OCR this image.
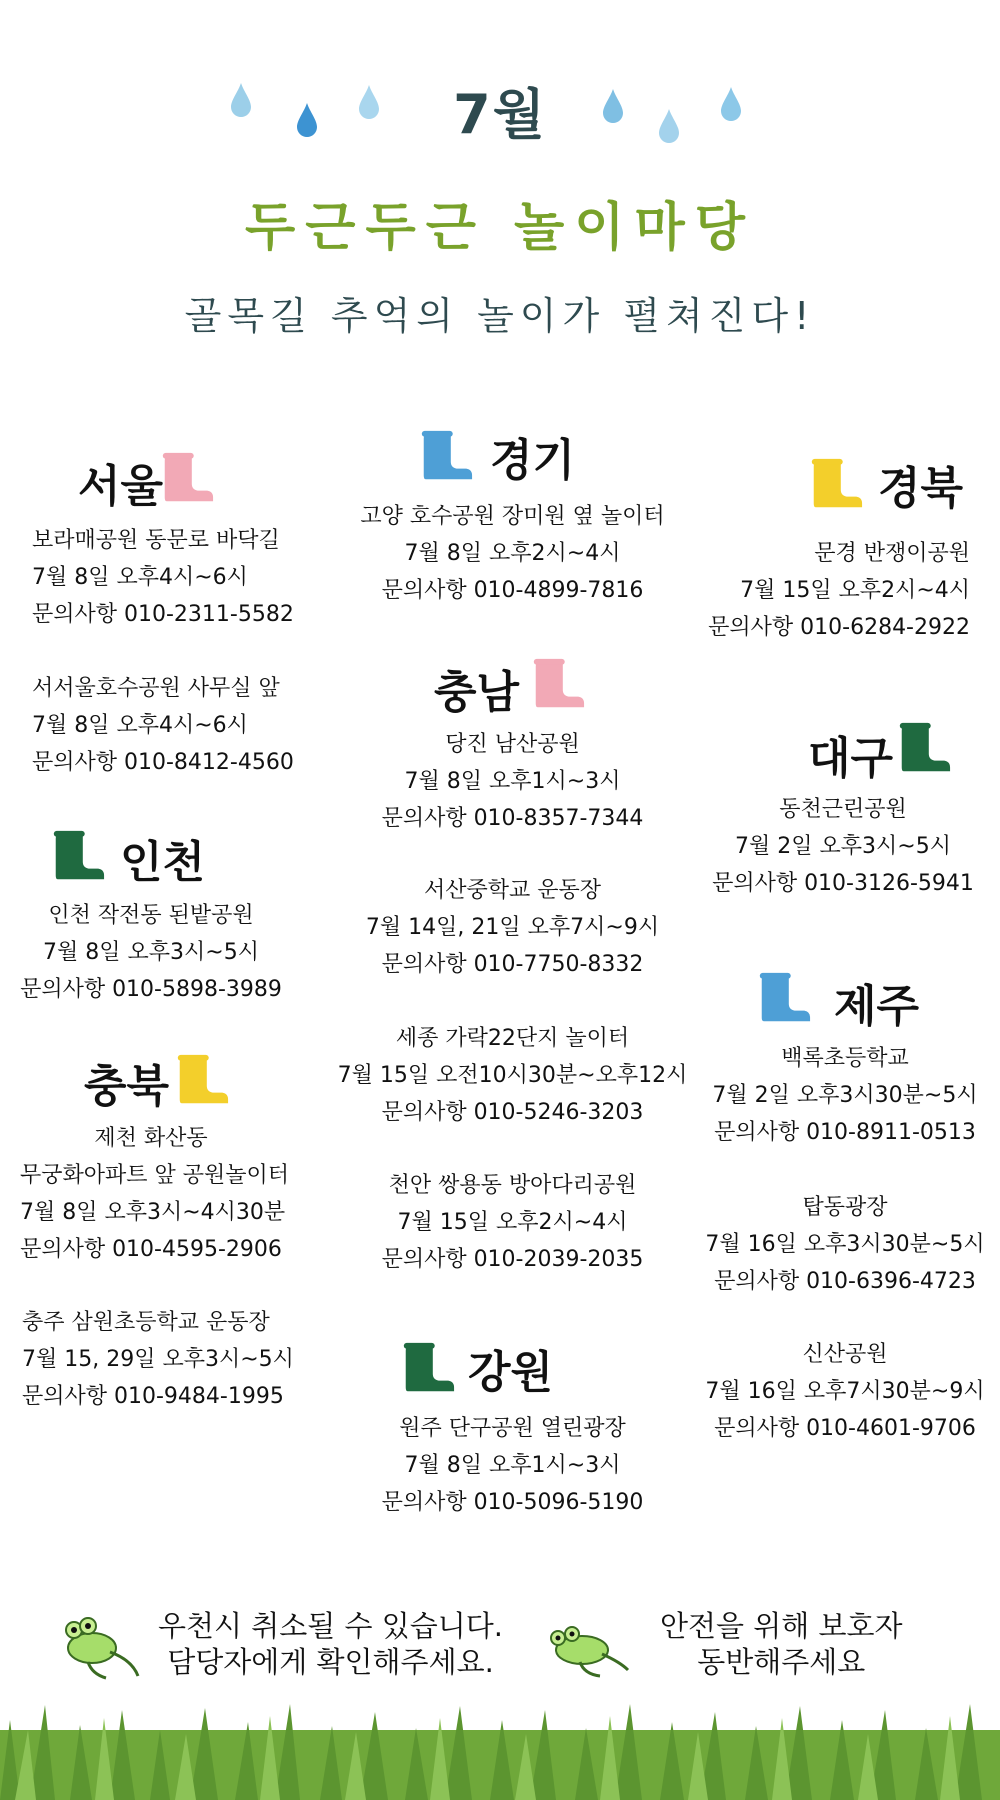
7월
두근두근 놀이마당
골목길 추억의 놀이가 펼쳐진다!
서울
보라매공원 동문로 바닥길
7월 8일 오후4시~6시
문의사항 010-2311-5582
서서울호수공원 사무실 앞
7월 8일 오후4시~6시
문의사항 010-8412-4560
인천
인천 작전동 된밭공원
7월 8일 오후3시~5시
문의사항 010-5898-3989
충북
제천 화산동
무궁화아파트 앞 공원놀이터
7월 8일 오후3시~4시30분
문의사항 010-4595-2906
충주 삼원초등학교 운동장
7월 15, 29일 오후3시~5시
문의사항 010-9484-1995
경기
고양 호수공원 장미원 옆 놀이터
7월 8일 오후2시~4시
문의사항 010-4899-7816
충남
당진 남산공원
7월 8일 오후1시~3시
문의사항 010-8357-7344
서산중학교 운동장
7월 14일, 21일 오후7시~9시
문의사항 010-7750-8332
세종 가락22단지 놀이터
7월 15일 오전10시30분~오후12시
문의사항 010-5246-3203
천안 쌍용동 방아다리공원
7월 15일 오후2시~4시
문의사항 010-2039-2035
강원
원주 단구공원 열린광장
7월 8일 오후1시~3시
문의사항 010-5096-5190
경북
문경 반쟁이공원
7월 15일 오후2시~4시
문의사항 010-6284-2922
대구
동천근린공원
7월 2일 오후3시~5시
문의사항 010-3126-5941
제주
백록초등학교
7월 2일 오후3시30분~5시
문의사항 010-8911-0513
탑동광장
7월 16일 오후3시30분~5시
문의사항 010-6396-4723
신산공원
7월 16일 오후7시30분~9시
문의사항 010-4601-9706
우천시 취소될 수 있습니다.
담당자에게 확인해주세요.
안전을 위해 보호자
동반해주세요
